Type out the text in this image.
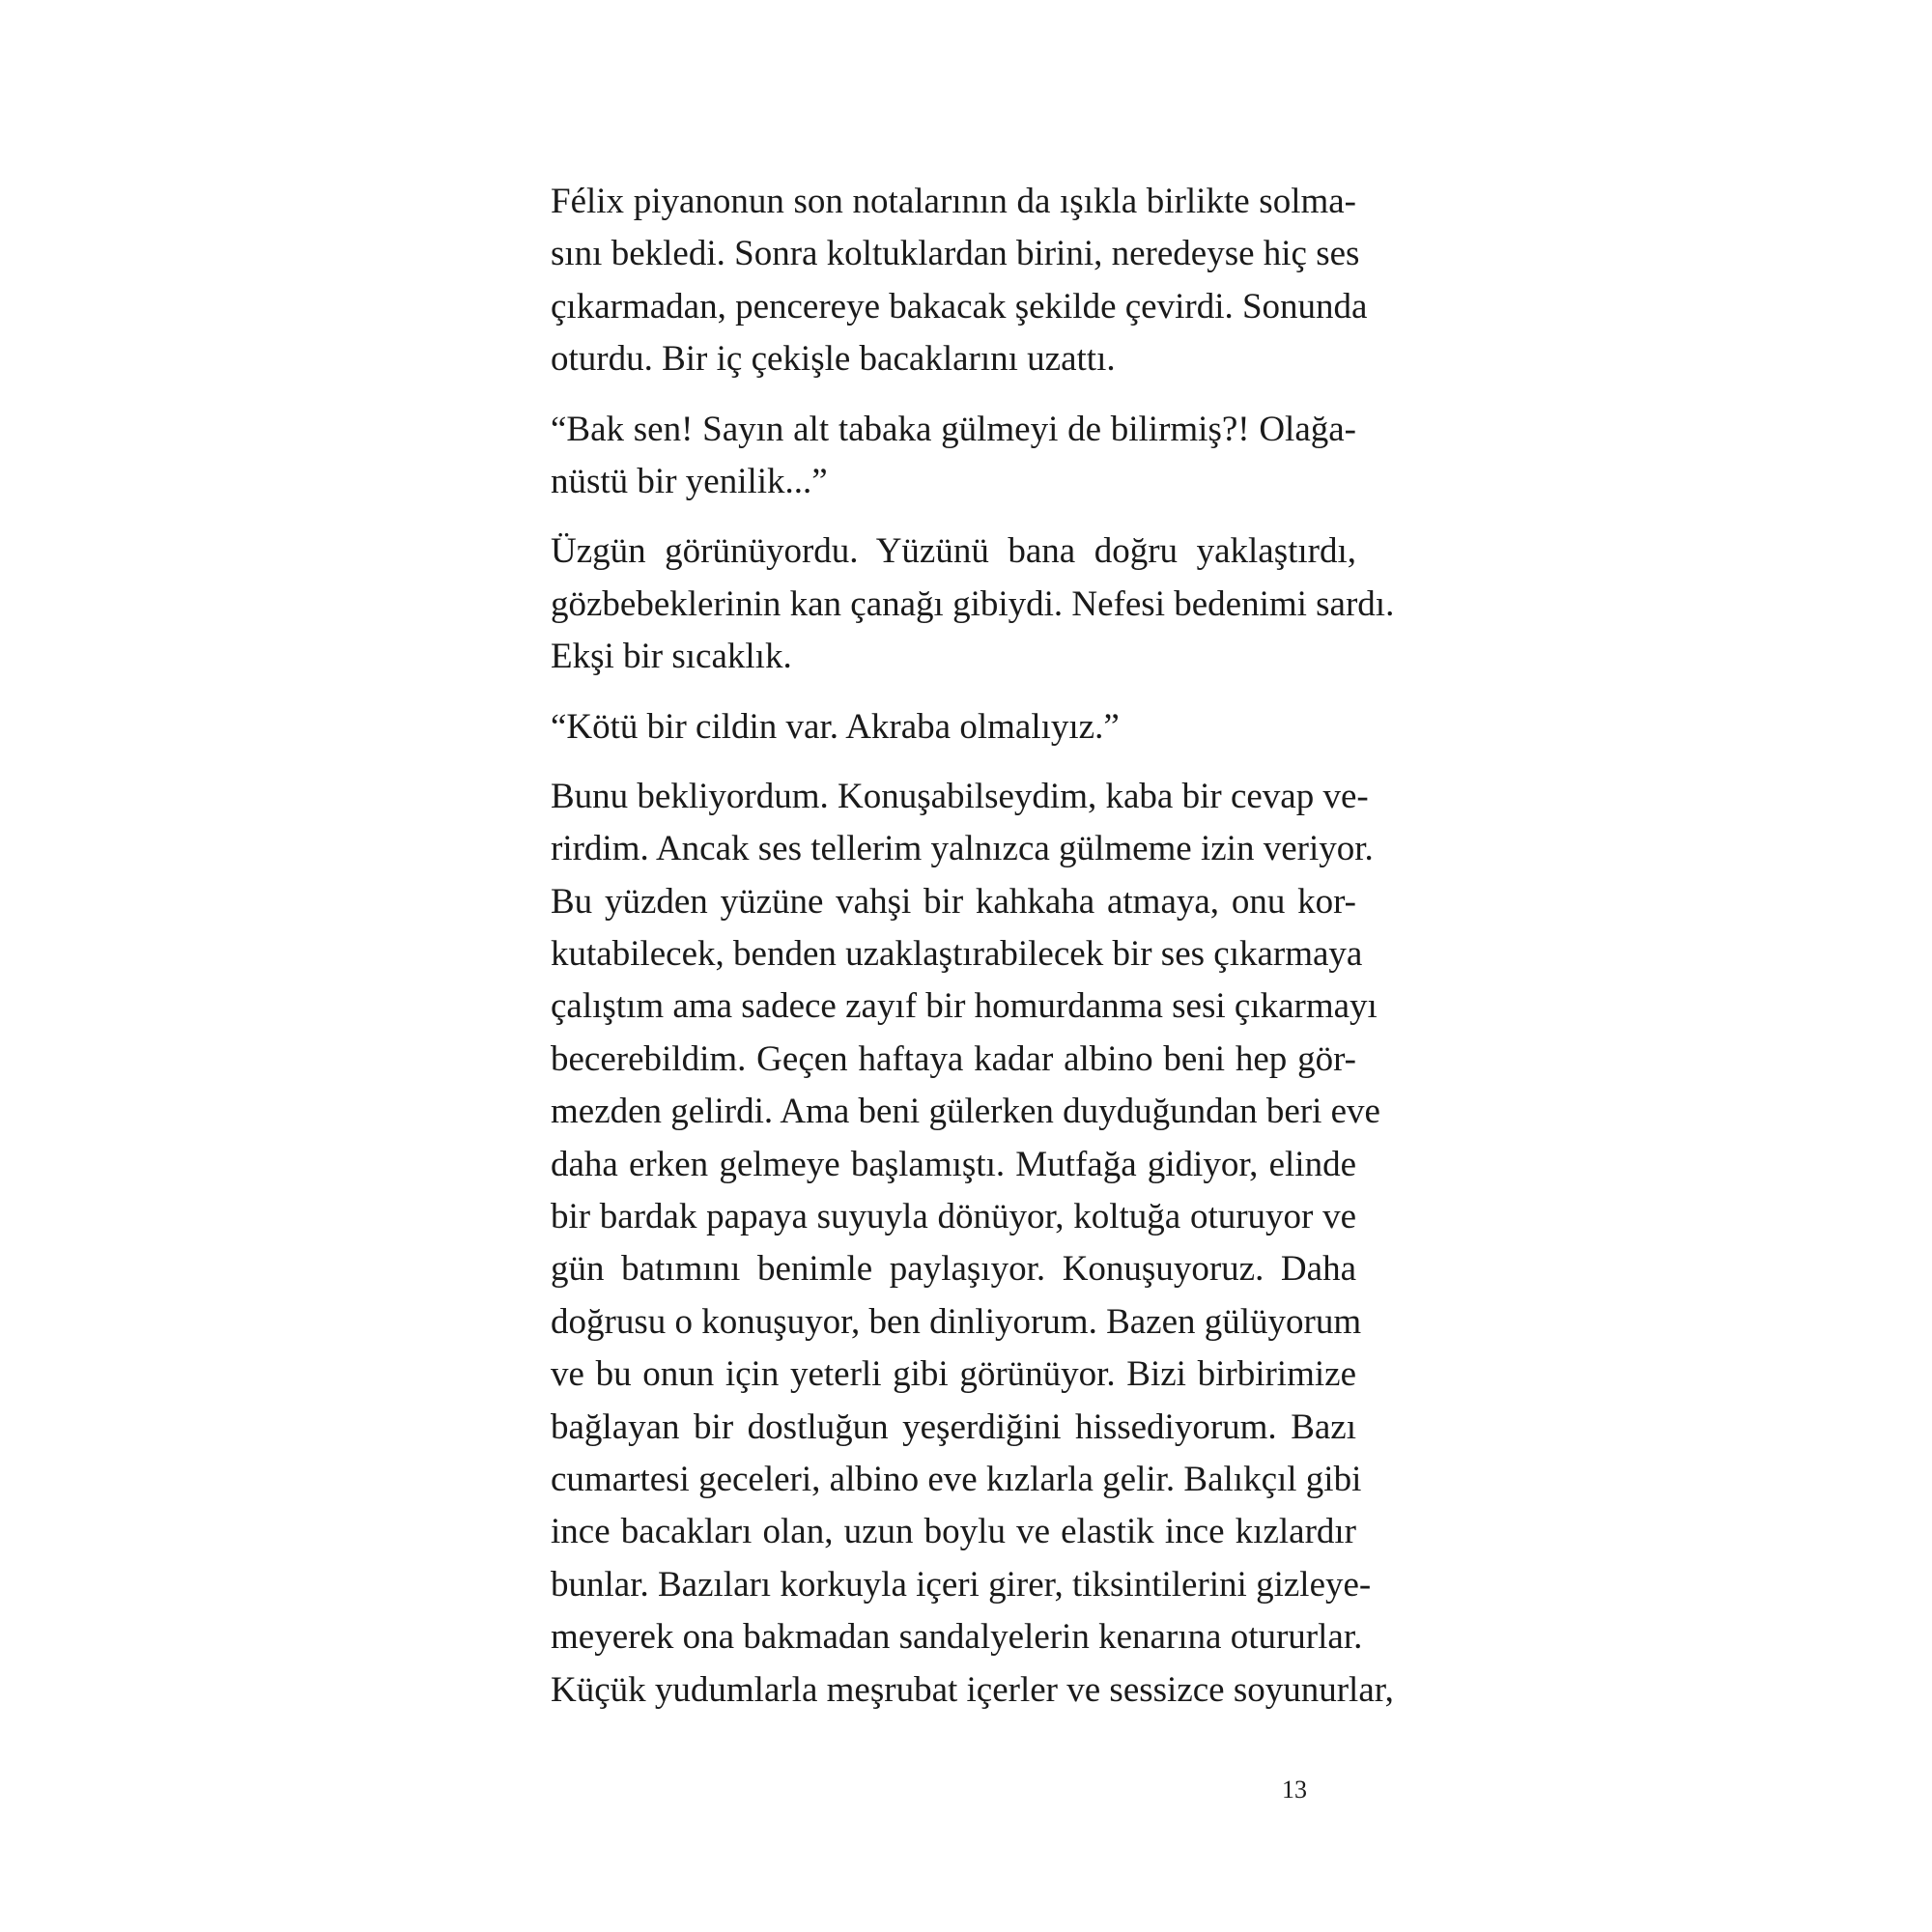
Félix piyanonun son notalarının da ışıkla birlikte solma-
sını bekledi. Sonra koltuklardan birini, neredeyse hiç ses
çıkarmadan, pencereye bakacak şekilde çevirdi. Sonunda
oturdu. Bir iç çekişle bacaklarını uzattı.

“Bak sen! Sayın alt tabaka gülmeyi de bilirmiş?! Olağa-
nüstü bir yenilik...”

Üzgün görünüyordu. Yüzünü bana doğru yaklaştırdı,
gözbebeklerinin kan çanağı gibiydi. Nefesi bedenimi sardı.
Ekşi bir sıcaklık.

“Kötü bir cildin var. Akraba olmalıyız.”

Bunu bekliyordum. Konuşabilseydim, kaba bir cevap ve-
rirdim. Ancak ses tellerim yalnızca gülmeme izin veriyor.
Bu yüzden yüzüne vahşi bir kahkaha atmaya, onu kor-
kutabilecek, benden uzaklaştırabilecek bir ses çıkarmaya
çalıştım ama sadece zayıf bir homurdanma sesi çıkarmayı
becerebildim. Geçen haftaya kadar albino beni hep gör-
mezden gelirdi. Ama beni gülerken duyduğundan beri eve
daha erken gelmeye başlamıştı. Mutfağa gidiyor, elinde
bir bardak papaya suyuyla dönüyor, koltuğa oturuyor ve
gün batımını benimle paylaşıyor. Konuşuyoruz. Daha
doğrusu o konuşuyor, ben dinliyorum. Bazen gülüyorum
ve bu onun için yeterli gibi görünüyor. Bizi birbirimize
bağlayan bir dostluğun yeşerdiğini hissediyorum. Bazı
cumartesi geceleri, albino eve kızlarla gelir. Balıkçıl gibi
ince bacakları olan, uzun boylu ve elastik ince kızlardır
bunlar. Bazıları korkuyla içeri girer, tiksintilerini gizleye-
meyerek ona bakmadan sandalyelerin kenarına otururlar.
Küçük yudumlarla meşrubat içerler ve sessizce soyunurlar,

13
